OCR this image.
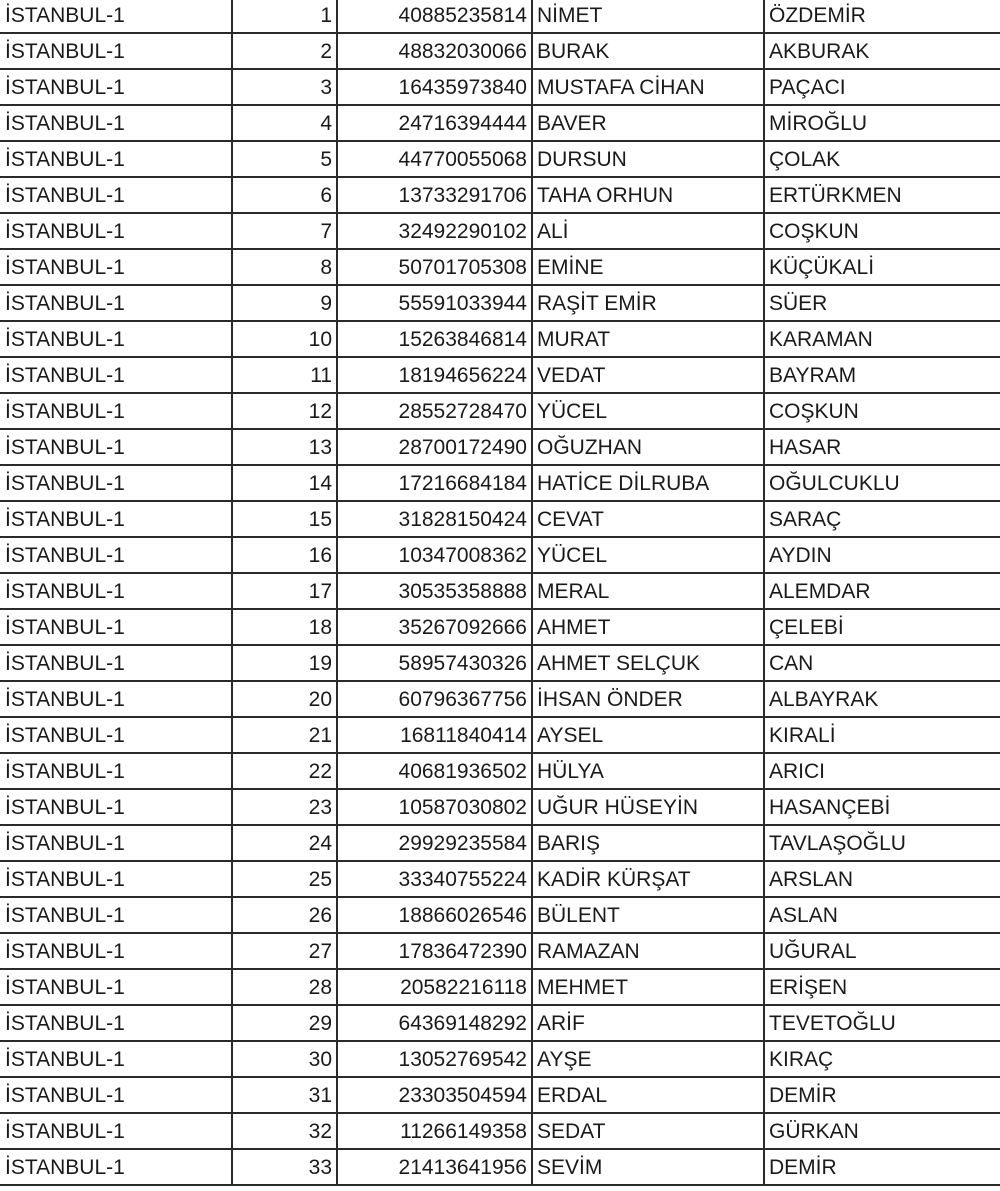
İSTANBUL-1	1	40885235814 NİMET	ÖZDEMİR
İSTANBUL-1	2	48832030066 BURAK	AKBURAK
İSTANBUL-1	3	16435973840 MUSTAFA CİHAN	PAÇACI
İSTANBUL-1	4	24716394444 BAVER	MİROĞLU
İSTANBUL-1	5	44770055068 DURSUN	ÇOLAK
İSTANBUL-1	6	13733291706 TAHA ORHUN	ERTÜRKMEN
İSTANBUL-1	7	32492290102 ALİ	COŞKUN
İSTANBUL-1	8	50701705308 EMİNE	KÜÇÜKALİ
İSTANBUL-1	9	55591033944 RAŞİT EMİR	SÜER
İSTANBUL-1	10	15263846814 MURAT	KARAMAN
İSTANBUL-1	11	18194656224 VEDAT	BAYRAM
İSTANBUL-1	12	28552728470 YÜCEL	COŞKUN
İSTANBUL-1	13	28700172490 OĞUZHAN	HASAR
İSTANBUL-1	14	17216684184 HATİCE DİLRUBA	OĞULCUKLU
İSTANBUL-1	15	31828150424 CEVAT	SARAÇ
İSTANBUL-1	16	10347008362 YÜCEL	AYDIN
İSTANBUL-1	17	30535358888 MERAL	ALEMDAR
İSTANBUL-1	18	35267092666 AHMET	ÇELEBİ
İSTANBUL-1	19	58957430326 AHMET SELÇUK	CAN
İSTANBUL-1	20	60796367756 İHSAN ÖNDER	ALBAYRAK
İSTANBUL-1	21	16811840414 AYSEL	KIRALİ
İSTANBUL-1	22	40681936502 HÜLYA	ARICI
İSTANBUL-1	23	10587030802 UĞUR HÜSEYİN	HASANÇEBİ
İSTANBUL-1	24	29929235584 BARIŞ	TAVLAŞOĞLU
İSTANBUL-1	25	33340755224 KADİR KÜRŞAT	ARSLAN
İSTANBUL-1	26	18866026546 BÜLENT	ASLAN
İSTANBUL-1	27	17836472390 RAMAZAN	UĞURAL
İSTANBUL-1	28	20582216118 MEHMET	ERİŞEN
İSTANBUL-1	29	64369148292 ARİF	TEVETOĞLU
İSTANBUL-1	30	13052769542 AYŞE	KIRAÇ
İSTANBUL-1	31	23303504594 ERDAL	DEMİR
İSTANBUL-1	32	11266149358 SEDAT	GÜRKAN
İSTANBUL-1	33	21413641956 SEVİM	DEMİR
